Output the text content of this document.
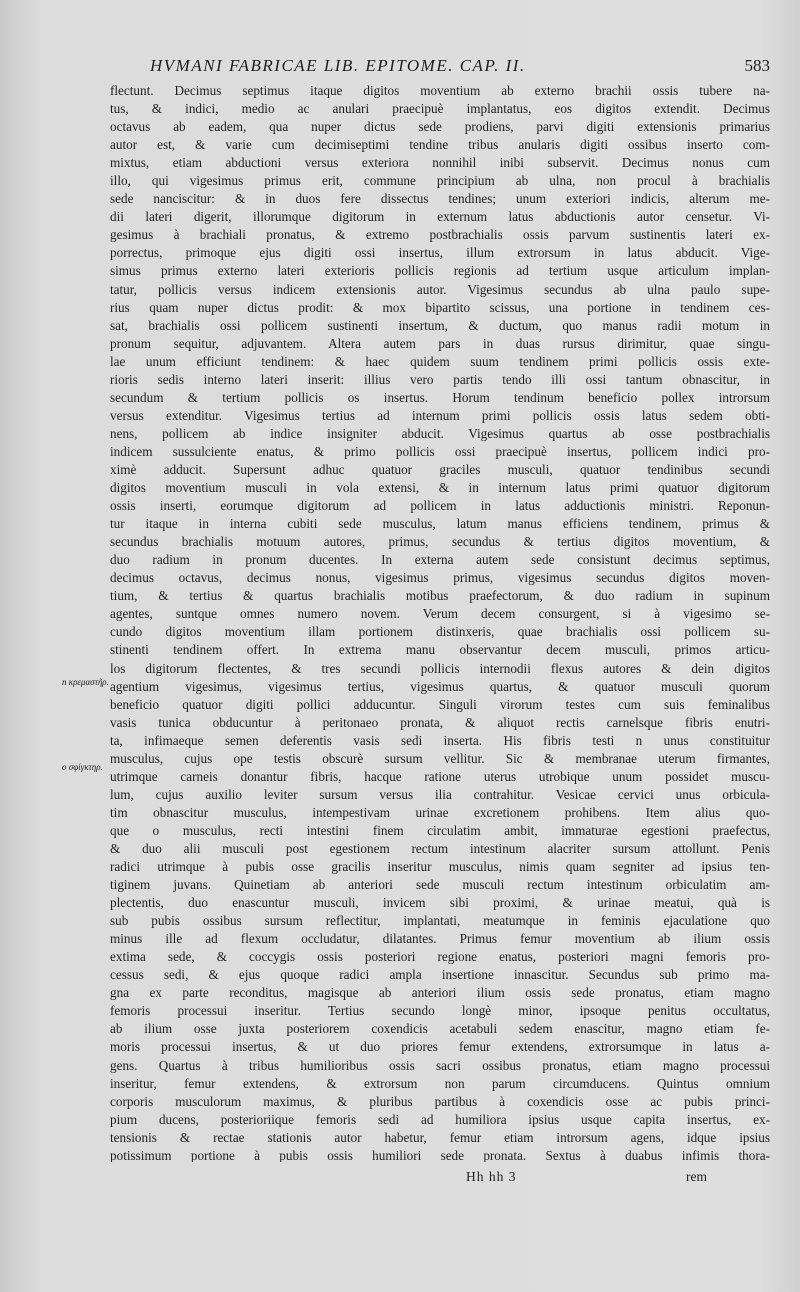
HVMANI FABRICAE LIB. EPITOME. CAP. II.	583
flectunt. Decimus septimus itaque digitos moventium ab externo brachii ossis tubere na-
tus, & indici, medio ac anulari praecipuè implantatus, eos digitos extendit. Decimus
octavus ab eadem, qua nuper dictus sede prodiens, parvi digiti extensionis primarius
autor est, & varie cum decimiseptimi tendine tribus anularis digiti ossibus inserto com-
mixtus, etiam abductioni versus exteriora nonnihil inibi subservit. Decimus nonus cum
illo, qui vigesimus primus erit, commune principium ab ulna, non procul à brachialis
sede nanciscitur: & in duos fere dissectus tendines; unum exteriori indicis, alterum me-
dii lateri digerit, illorumque digitorum in externum latus abductionis autor censetur. Vi-
gesimus à brachiali pronatus, & extremo postbrachialis ossis parvum sustinentis lateri ex-
porrectus, primoque ejus digiti ossi insertus, illum extrorsum in latus abducit. Vige-
simus primus externo lateri exterioris pollicis regionis ad tertium usque articulum implan-
tatur, pollicis versus indicem extensionis autor. Vigesimus secundus ab ulna paulo supe-
rius quam nuper dictus prodit: & mox bipartito scissus, una portione in tendinem ces-
sat, brachialis ossi pollicem sustinenti insertum, & ductum, quo manus radii motum in
pronum sequitur, adjuvantem. Altera autem pars in duas rursus dirimitur, quae singu-
lae unum efficiunt tendinem: & haec quidem suum tendinem primi pollicis ossis exte-
rioris sedis interno lateri inserit: illius vero partis tendo illi ossi tantum obnascitur, in
secundum & tertium pollicis os insertus. Horum tendinum beneficio pollex introrsum
versus extenditur. Vigesimus tertius ad internum primi pollicis ossis latus sedem obti-
nens, pollicem ab indice insigniter abducit. Vigesimus quartus ab osse postbrachialis
indicem sussulciente enatus, & primo pollicis ossi praecipuè insertus, pollicem indici pro-
ximè adducit. Supersunt adhuc quatuor graciles musculi, quatuor tendinibus secundi
digitos moventium musculi in vola extensi, & in internum latus primi quatuor digitorum
ossis inserti, eorumque digitorum ad pollicem in latus adductionis ministri. Reponun-
tur itaque in interna cubiti sede musculus, latum manus efficiens tendinem, primus &
secundus brachialis motuum autores, primus, secundus & tertius digitos moventium, &
duo radium in pronum ducentes. In externa autem sede consistunt decimus septimus,
decimus octavus, decimus nonus, vigesimus primus, vigesimus secundus digitos moven-
tium, & tertius & quartus brachialis motibus praefectorum, & duo radium in supinum
agentes, suntque omnes numero novem. Verum decem consurgent, si à vigesimo se-
cundo digitos moventium illam portionem distinxeris, quae brachialis ossi pollicem su-
stinenti tendinem offert. In extrema manu observantur decem musculi, primos articu-
los digitorum flectentes, & tres secundi pollicis internodii flexus autores & dein digitos
agentium vigesimus, vigesimus tertius, vigesimus quartus, & quatuor musculi quorum
beneficio quatuor digiti pollici adducuntur. Singuli virorum testes cum suis feminalibus
vasis tunica obducuntur à peritonaeo pronata, & aliquot rectis carnelsque fibris enutri-
ta, infimaeque semen deferentis vasis sedi inserta. His fibris testi n unus constituitur
musculus, cujus ope testis obscurè sursum vellitur. Sic & membranae uterum firmantes,
utrimque carneis donantur fibris, hacque ratione uterus utrobique unum possidet muscu-
lum, cujus auxilio leviter sursum versus ilia contrahitur. Vesicae cervici unus orbicula-
tim obnascitur musculus, intempestivam urinae excretionem prohibens. Item alius quo-
que o musculus, recti intestini finem circulatim ambit, immaturae egestioni praefectus,
& duo alii musculi post egestionem rectum intestinum alacriter sursum attollunt. Penis
radici utrimque à pubis osse gracilis inseritur musculus, nimis quam segniter ad ipsius ten-
tiginem juvans. Quinetiam ab anteriori sede musculi rectum intestinum orbiculatim am-
plectentis, duo enascuntur musculi, invicem sibi proximi, & urinae meatui, quà is
sub pubis ossibus sursum reflectitur, implantati, meatumque in feminis ejaculatione quo
minus ille ad flexum occludatur, dilatantes. Primus femur moventium ab ilium ossis
extima sede, & coccygis ossis posteriori regione enatus, posteriori magni femoris pro-
cessus sedi, & ejus quoque radici ampla insertione innascitur. Secundus sub primo ma-
gna ex parte reconditus, magisque ab anteriori ilium ossis sede pronatus, etiam magno
femoris processui inseritur. Tertius secundo longè minor, ipsoque penitus occultatus,
ab ilium osse juxta posteriorem coxendicis acetabuli sedem enascitur, magno etiam fe-
moris processui insertus, & ut duo priores femur extendens, extrorsumque in latus a-
gens. Quartus à tribus humilioribus ossis sacri ossibus pronatus, etiam magno processui
inseritur, femur extendens, & extrorsum non parum circumducens. Quintus omnium
corporis musculorum maximus, & pluribus partibus à coxendicis osse ac pubis princi-
pium ducens, posterioriique femoris sedi ad humiliora ipsius usque capita insertus, ex-
tensionis & rectae stationis autor habetur, femur etiam introrsum agens, idque ipsius
potissimum portione à pubis ossis humiliori sede pronata. Sextus à duabus infimis thora-
n κρεμαστῆρ.
o σφίγκτηρ.
Hh hh 3	rem
